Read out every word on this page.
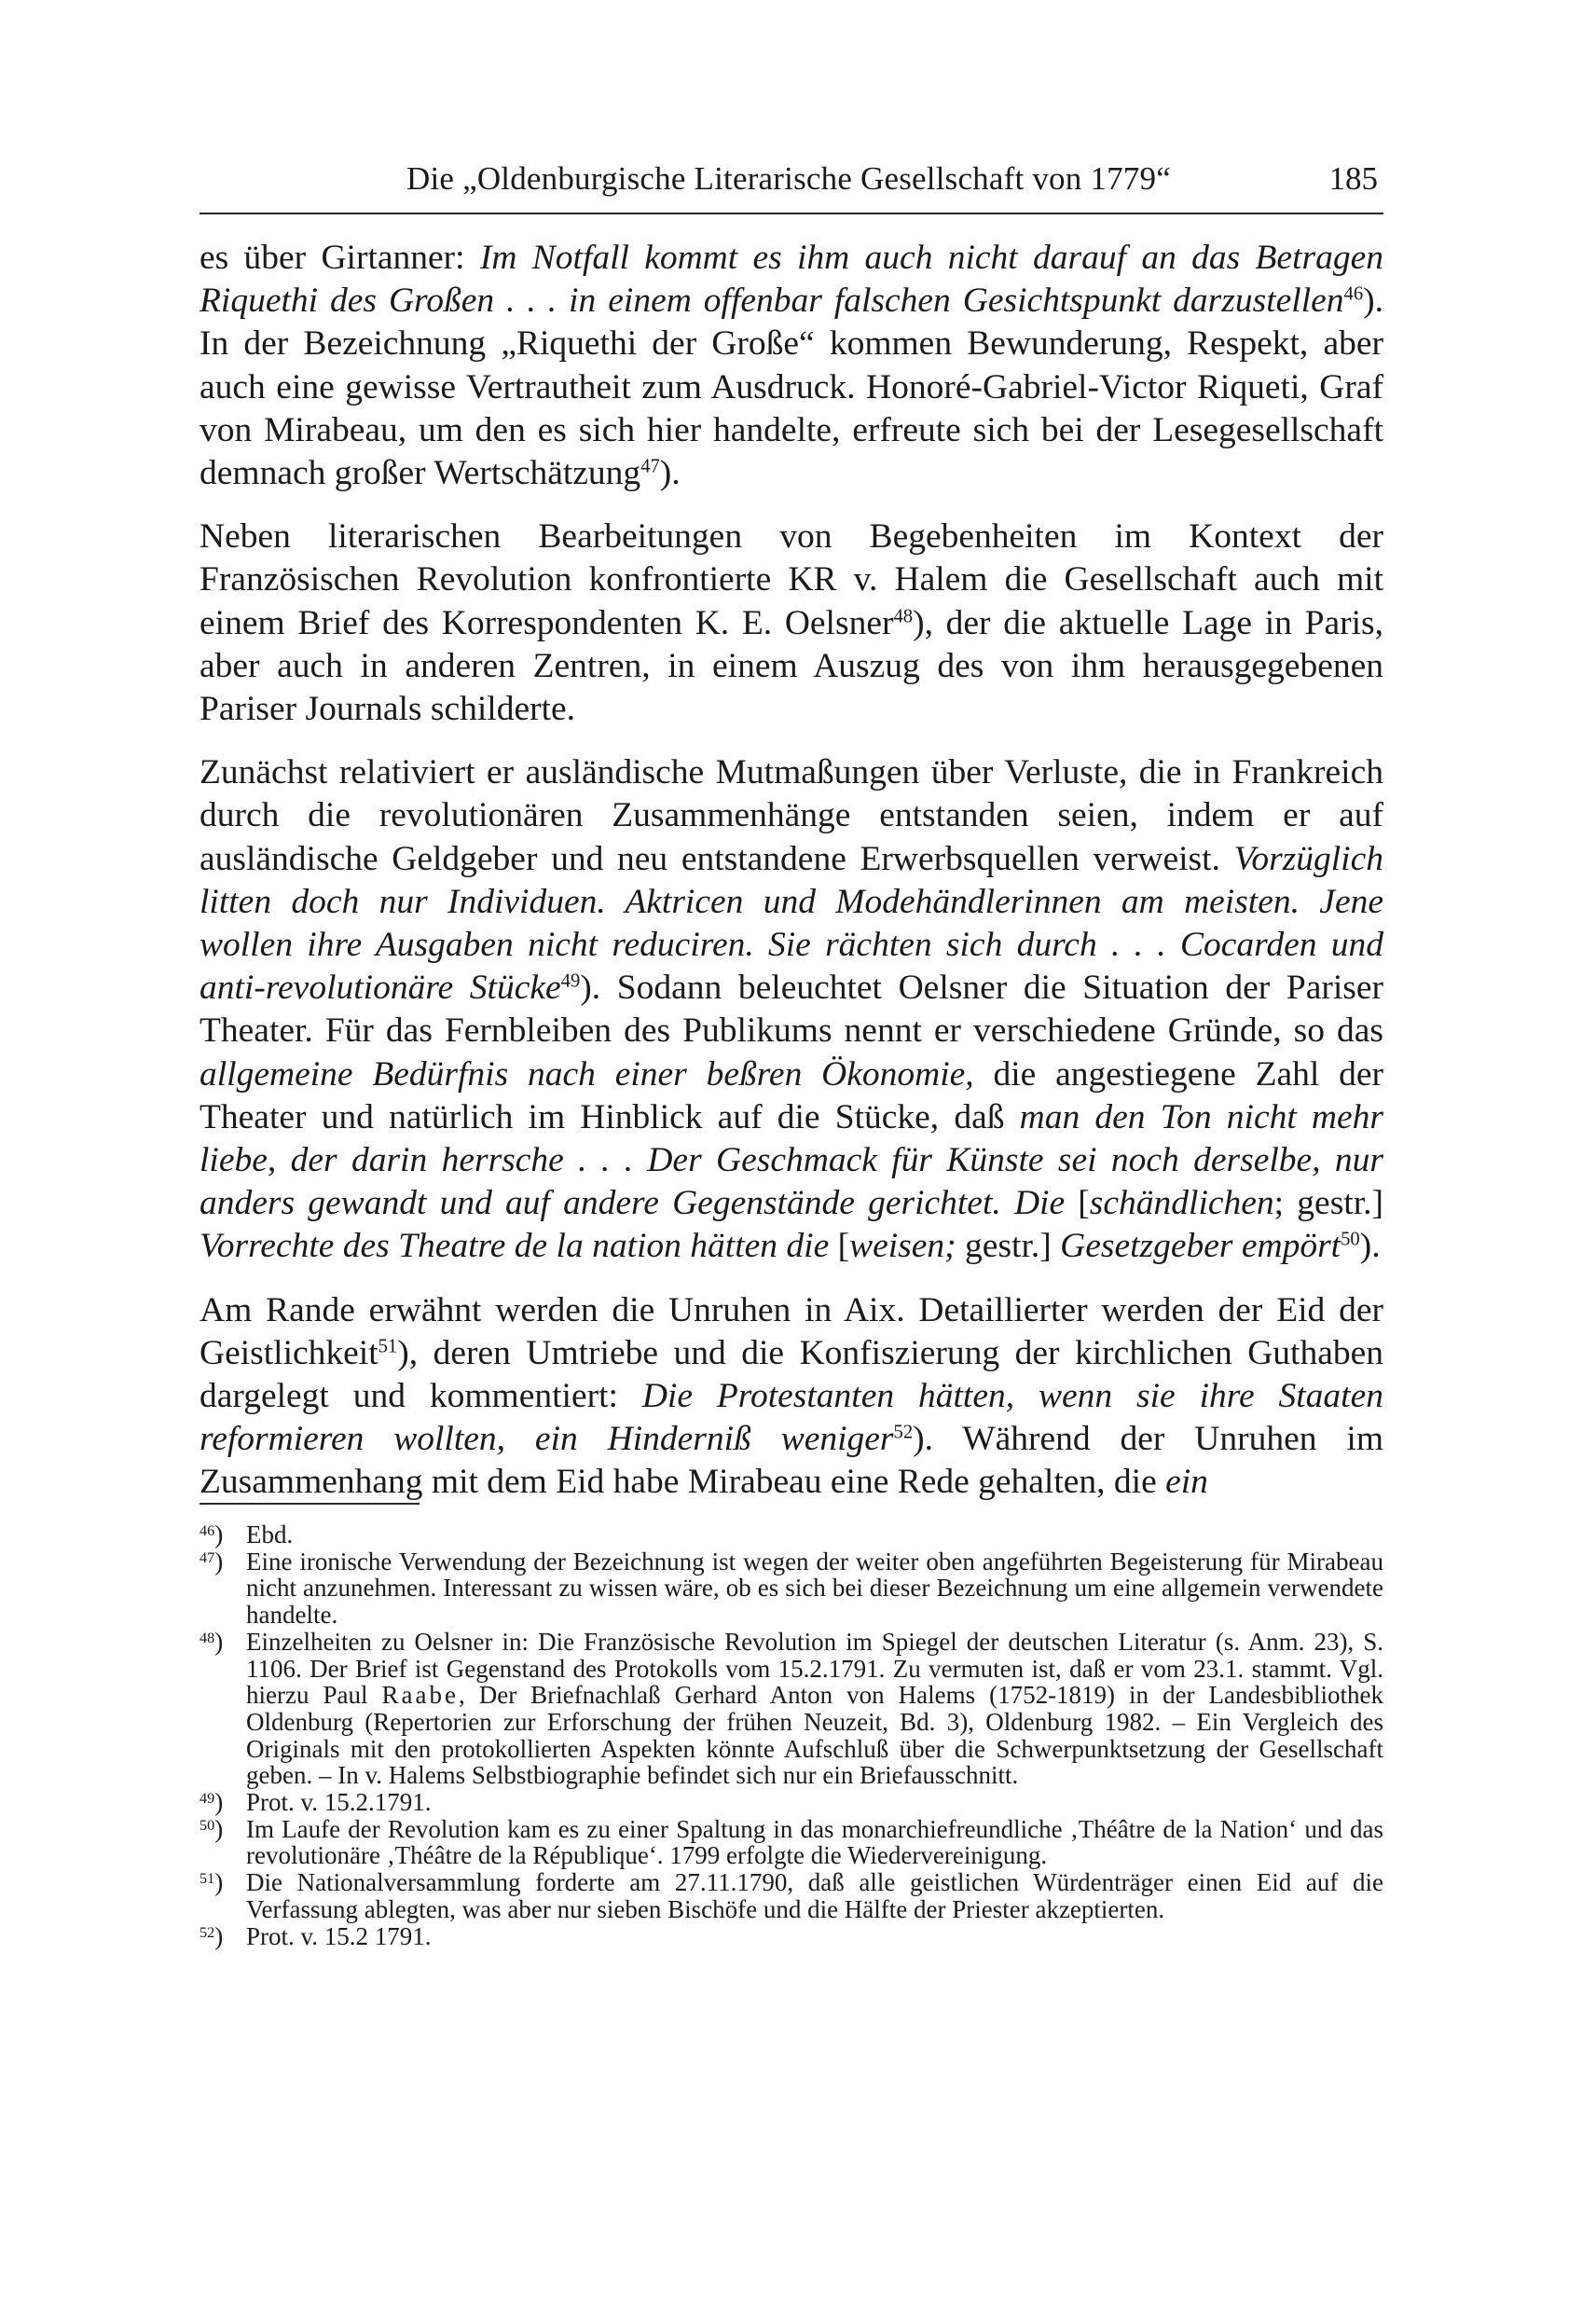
Die „Oldenburgische Literarische Gesellschaft von 1779“	185

es über Girtanner: Im Notfall kommt es ihm auch nicht darauf an das Betragen Riquethi des Großen . . . in einem offenbar falschen Gesichtspunkt darzustellen$^{46}$). In der Bezeichnung „Riquethi der Große“ kommen Bewunderung, Respekt, aber auch eine gewisse Vertrautheit zum Ausdruck. Honoré-Gabriel-Victor Riqueti, Graf von Mirabeau, um den es sich hier handelte, erfreute sich bei der Lesegesellschaft demnach großer Wertschätzung$^{47}$).

Neben literarischen Bearbeitungen von Begebenheiten im Kontext der Französischen Revolution konfrontierte KR v. Halem die Gesellschaft auch mit einem Brief des Korrespondenten K. E. Oelsner$^{48}$), der die aktuelle Lage in Paris, aber auch in anderen Zentren, in einem Auszug des von ihm herausgegebenen Pariser Journals schilderte.

Zunächst relativiert er ausländische Mutmaßungen über Verluste, die in Frankreich durch die revolutionären Zusammenhänge entstanden seien, indem er auf ausländische Geldgeber und neu entstandene Erwerbsquellen verweist. Vorzüglich litten doch nur Individuen. Aktricen und Modehändlerinnen am meisten. Jene wollen ihre Ausgaben nicht reduciren. Sie rächten sich durch . . . Cocarden und anti-revolutionäre Stücke$^{49}$). Sodann beleuchtet Oelsner die Situation der Pariser Theater. Für das Fernbleiben des Publikums nennt er verschiedene Gründe, so das allgemeine Bedürfnis nach einer beßren Ökonomie, die angestiegene Zahl der Theater und natürlich im Hinblick auf die Stücke, daß man den Ton nicht mehr liebe, der darin herrsche . . . Der Geschmack für Künste sei noch derselbe, nur anders gewandt und auf andere Gegenstände gerichtet. Die [schändlichen; gestr.] Vorrechte des Theatre de la nation hätten die [weisen; gestr.] Gesetzgeber empört$^{50}$).

Am Rande erwähnt werden die Unruhen in Aix. Detaillierter werden der Eid der Geistlichkeit$^{51}$), deren Umtriebe und die Konfiszierung der kirchlichen Guthaben dargelegt und kommentiert: Die Protestanten hätten, wenn sie ihre Staaten reformieren wollten, ein Hinderniß weniger$^{52}$). Während der Unruhen im Zusammenhang mit dem Eid habe Mirabeau eine Rede gehalten, die ein

$^{46}$) Ebd.
$^{47}$) Eine ironische Verwendung der Bezeichnung ist wegen der weiter oben angeführten Begeisterung für Mirabeau nicht anzunehmen. Interessant zu wissen wäre, ob es sich bei dieser Bezeichnung um eine allgemein verwendete handelte.
$^{48}$) Einzelheiten zu Oelsner in: Die Französische Revolution im Spiegel der deutschen Literatur (s. Anm. 23), S. 1106. Der Brief ist Gegenstand des Protokolls vom 15.2.1791. Zu vermuten ist, daß er vom 23.1. stammt. Vgl. hierzu Paul Raabe, Der Briefnachlaß Gerhard Anton von Halems (1752-1819) in der Landesbibliothek Oldenburg (Repertorien zur Erforschung der frühen Neuzeit, Bd. 3), Oldenburg 1982. – Ein Vergleich des Originals mit den protokollierten Aspekten könnte Aufschluß über die Schwerpunktsetzung der Gesellschaft geben. – In v. Halems Selbstbiographie befindet sich nur ein Briefausschnitt.
$^{49}$) Prot. v. 15.2.1791.
$^{50}$) Im Laufe der Revolution kam es zu einer Spaltung in das monarchiefreundliche ‚Théâtre de la Nation‘ und das revolutionäre ‚Théâtre de la République‘. 1799 erfolgte die Wiedervereinigung.
$^{51}$) Die Nationalversammlung forderte am 27.11.1790, daß alle geistlichen Würdenträger einen Eid auf die Verfassung ablegten, was aber nur sieben Bischöfe und die Hälfte der Priester akzeptierten.
$^{52}$) Prot. v. 15.2 1791.
